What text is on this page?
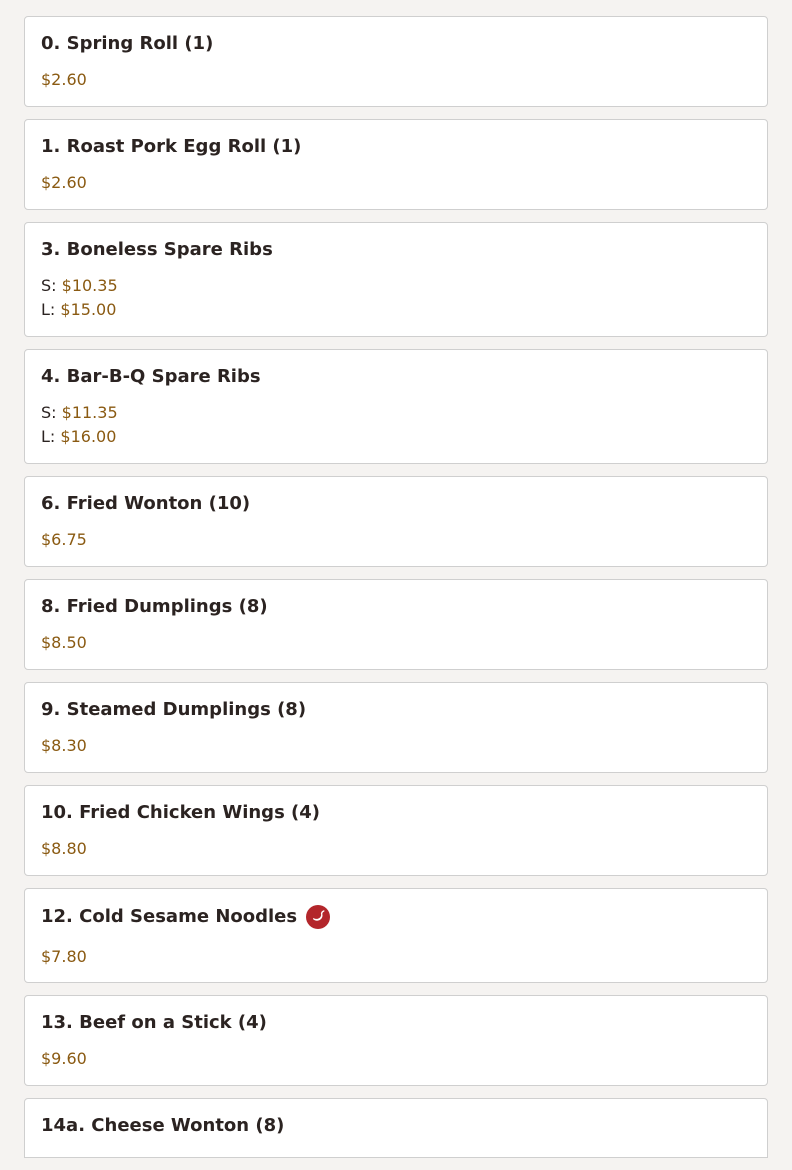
0. Spring Roll (1)
$2.60
1. Roast Pork Egg Roll (1)
$2.60
3. Boneless Spare Ribs
S: $10.35
L: $15.00
4. Bar-B-Q Spare Ribs
S: $11.35
L: $16.00
6. Fried Wonton (10)
$6.75
8. Fried Dumplings (8)
$8.50
9. Steamed Dumplings (8)
$8.30
10. Fried Chicken Wings (4)
$8.80
12. Cold Sesame Noodles
$7.80
13. Beef on a Stick (4)
$9.60
14a. Cheese Wonton (8)
